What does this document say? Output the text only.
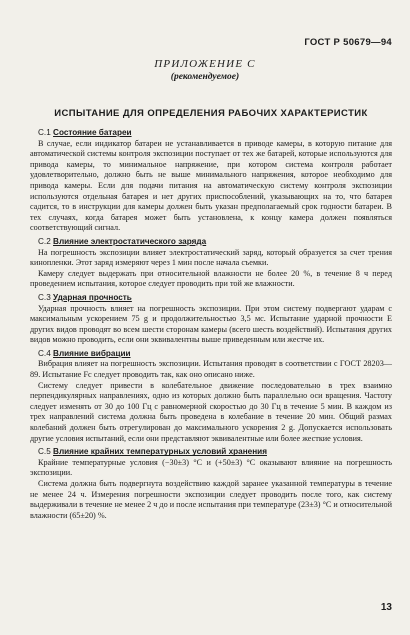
ГОСТ Р 50679—94
ПРИЛОЖЕНИЕ С
(рекомендуемое)
ИСПЫТАНИЕ ДЛЯ ОПРЕДЕЛЕНИЯ РАБОЧИХ ХАРАКТЕРИСТИК
С.1 Состояние батареи

В случае, если индикатор батареи не устанавливается в приводе камеры, в которую питание для автоматической системы контроля экспозиции поступает от тех же батарей, которые используются для привода камеры, то минимальное напряжение, при котором система контроля работает удовлетворительно, должно быть не выше минимального напряжения, которое необходимо для привода камеры. Если для подачи питания на автоматическую систему контроля экспозиции используются отдельная батарея и нет других приспособлений, указывающих на то, что батарея садится, то в инструкции для камеры должен быть указан предполагаемый срок годности батареи. В тех случаях, когда батарея может быть установлена, к концу камера должен появляться соответствующий сигнал.

С.2 Влияние электростатического заряда

На погрешность экспозиции влияет электростатический заряд, который образуется за счет трения кинопленки. Этот заряд измеряют через 1 мин после начала съемки.

Камеру следует выдержать при относительной влажности не более 20 %, в течение 8 ч перед проведением испытания, которое следует проводить при той же влажности.

С.3 Ударная прочность

Ударная прочность влияет на погрешность экспозиции. При этом систему подвергают ударам с максимальным ускорением 75 g и продолжительностью 3,5 мс. Испытание ударной прочности E других видов проводят во всем шести сторонам камеры (всего шесть воздействий). Испытания других видов можно проводить, если они эквивалентны выше приведенным или жестче их.

С.4 Влияние вибрации

Вибрация влияет на погрешность экспозиции. Испытания проводят в соответствии с ГОСТ 28203—89. Испытание Fc следует проводить так, как оно описано ниже.

Систему следует привести в колебательное движение последовательно в трех взаимно перпендикулярных направлениях, одно из которых должно быть параллельно оси вращения. Частоту следует изменять от 30 до 100 Гц с равномерной скоростью до 30 Гц в течение 5 мин. В каждом из трех направлений система должна быть проведена в колебание в течение 20 мин. Общий размах колебаний должен быть отрегулирован до максимального ускорения 2 g. Допускается использовать другие условия испытаний, если они представляют эквивалентные или более жесткие условия.

С.5 Влияние крайних температурных условий хранения

Крайние температурные условия (−30±3) °С и (+50±3) °С оказывают влияние на погрешность экспозиции.

Система должна быть подвергнута воздействию каждой заранее указанной температуры в течение не менее 24 ч. Измерения погрешности экспозиции следует проводить после того, как систему выдерживали в течение не менее 2 ч до и после испытания при температуре (23±3) °С и относительной влажности (65±20) %.

13
